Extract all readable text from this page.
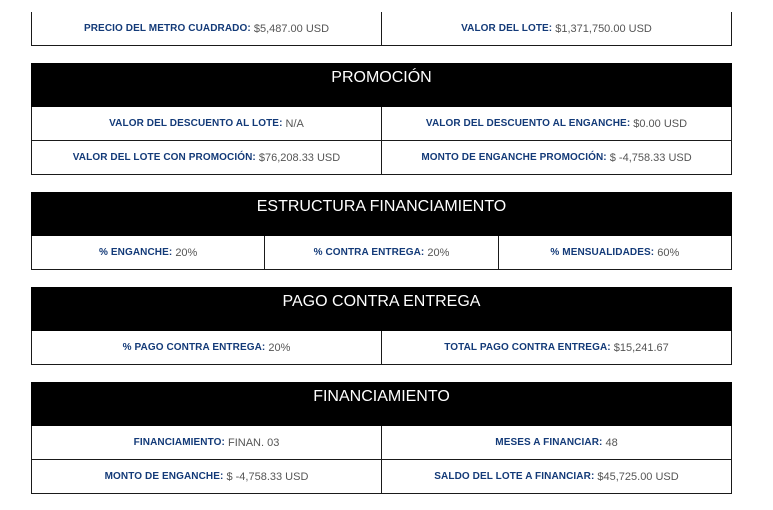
PRECIO DEL METRO CUADRADO: $5,487.00 USD	VALOR DEL LOTE: $1,371,750.00 USD
PROMOCIÓN
VALOR DEL DESCUENTO AL LOTE: N/A	VALOR DEL DESCUENTO AL ENGANCHE: $0.00 USD
VALOR DEL LOTE CON PROMOCIÓN: $76,208.33 USD	MONTO DE ENGANCHE PROMOCIÓN: $ -4,758.33 USD
ESTRUCTURA FINANCIAMIENTO
% ENGANCHE: 20%	% CONTRA ENTREGA: 20%	% MENSUALIDADES: 60%
PAGO CONTRA ENTREGA
% PAGO CONTRA ENTREGA: 20%	TOTAL PAGO CONTRA ENTREGA: $15,241.67
FINANCIAMIENTO
FINANCIAMIENTO: FINAN. 03	MESES A FINANCIAR: 48
MONTO DE ENGANCHE: $ -4,758.33 USD	SALDO DEL LOTE A FINANCIAR: $45,725.00 USD
